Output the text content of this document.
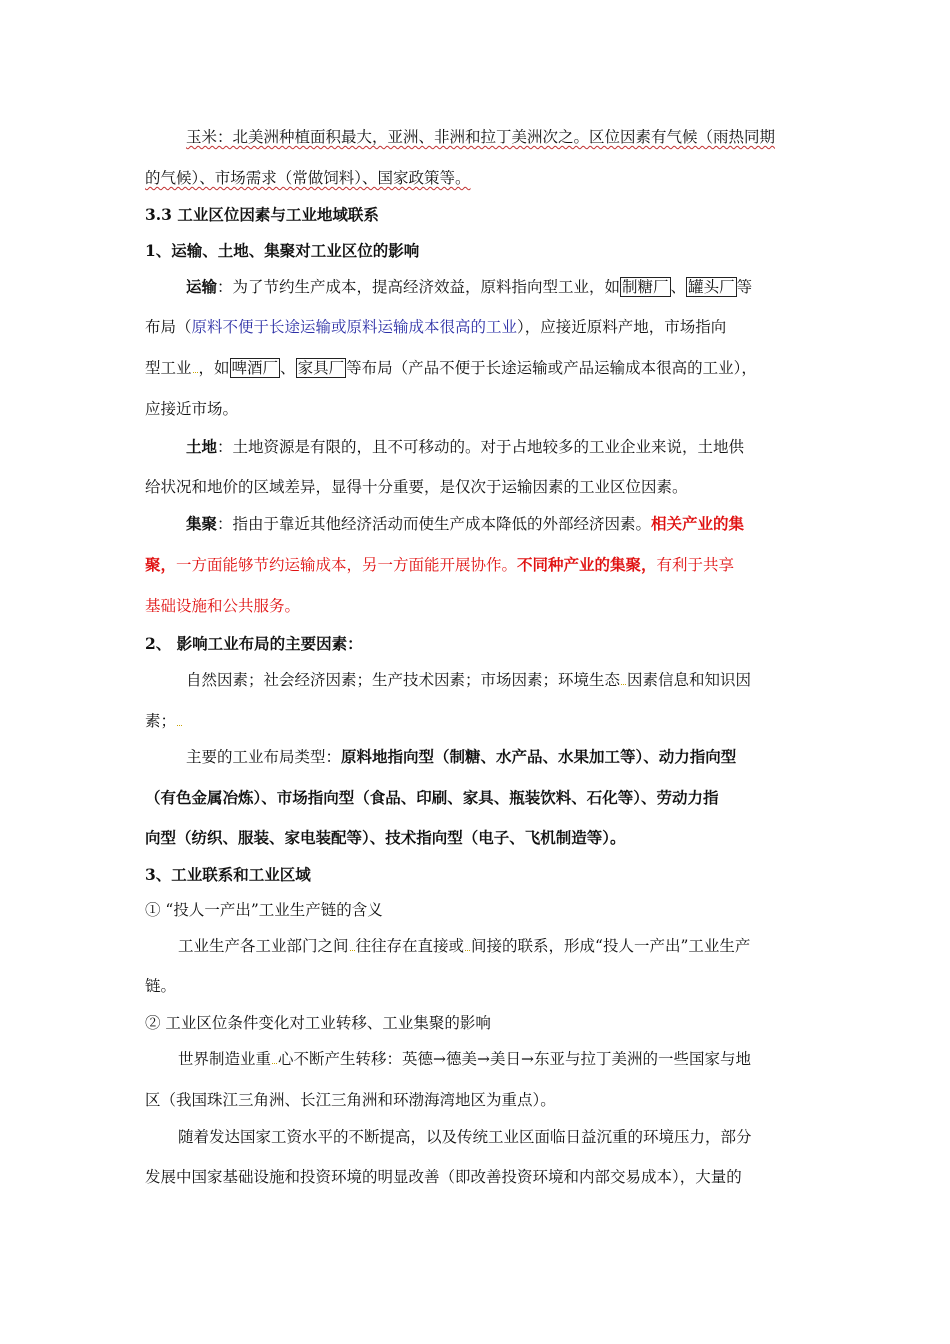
玉米：北美洲种植面积最大，亚洲、非洲和拉丁美洲次之。区位因素有气候（雨热同期
的气候）、市场需求（常做饲料）、国家政策等。
3.3 工业区位因素与工业地域联系
1、运输、土地、集聚对工业区位的影响
运输：为了节约生产成本，提高经济效益，原料指向型工业，如 制糖厂 、 罐头厂 等
布局（原料不便于长途运输或原料运输成本很高的工业），应接近原料产地，市场指向
型工业 ，如 啤酒厂 、 家具厂 等布局（产品不便于长途运输或产品运输成本很高的工业），
应接近市场。
土地：土地资源是有限的，且不可移动的。对于占地较多的工业企业来说，土地供
给状况和地价的区域差异，显得十分重要，是仅次于运输因素的工业区位因素。
集聚：指由于靠近其他经济活动而使生产成本降低的外部经济因素。相关产业的集
聚，一方面能够节约运输成本，另一方面能开展协作。不同种产业的集聚，有利于共享
基础设施和公共服务。
2、 影响工业布局的主要因素：
自然因素；社会经济因素；生产技术因素；市场因素；环境生态 因素信息和知识因
素；
主要的工业布局类型：原料地指向型（制糖、水产品、水果加工等）、动力指向型
（有色金属冶炼）、市场指向型（食品、印刷、家具、瓶装饮料、石化等）、劳动力指
向型（纺织、服装、家电装配等）、技术指向型（电子、飞机制造等）。
3、工业联系和工业区域
① “投人一产出”工业生产链的含义
工业生产各工业部门之间 往往存在直接或 间接的联系，形成“投人一产出”工业生产
链。
② 工业区位条件变化对工业转移、工业集聚的影响
世界制造业重 心不断产生转移：英德→德美→美日→东亚与拉丁美洲的一些国家与地
区（我国珠江三角洲、长江三角洲和环渤海湾地区为重点）。
随着发达国家工资水平的不断提高，以及传统工业区面临日益沉重的环境压力，部分
发展中国家基础设施和投资环境的明显改善（即改善投资环境和内部交易成本），大量的
